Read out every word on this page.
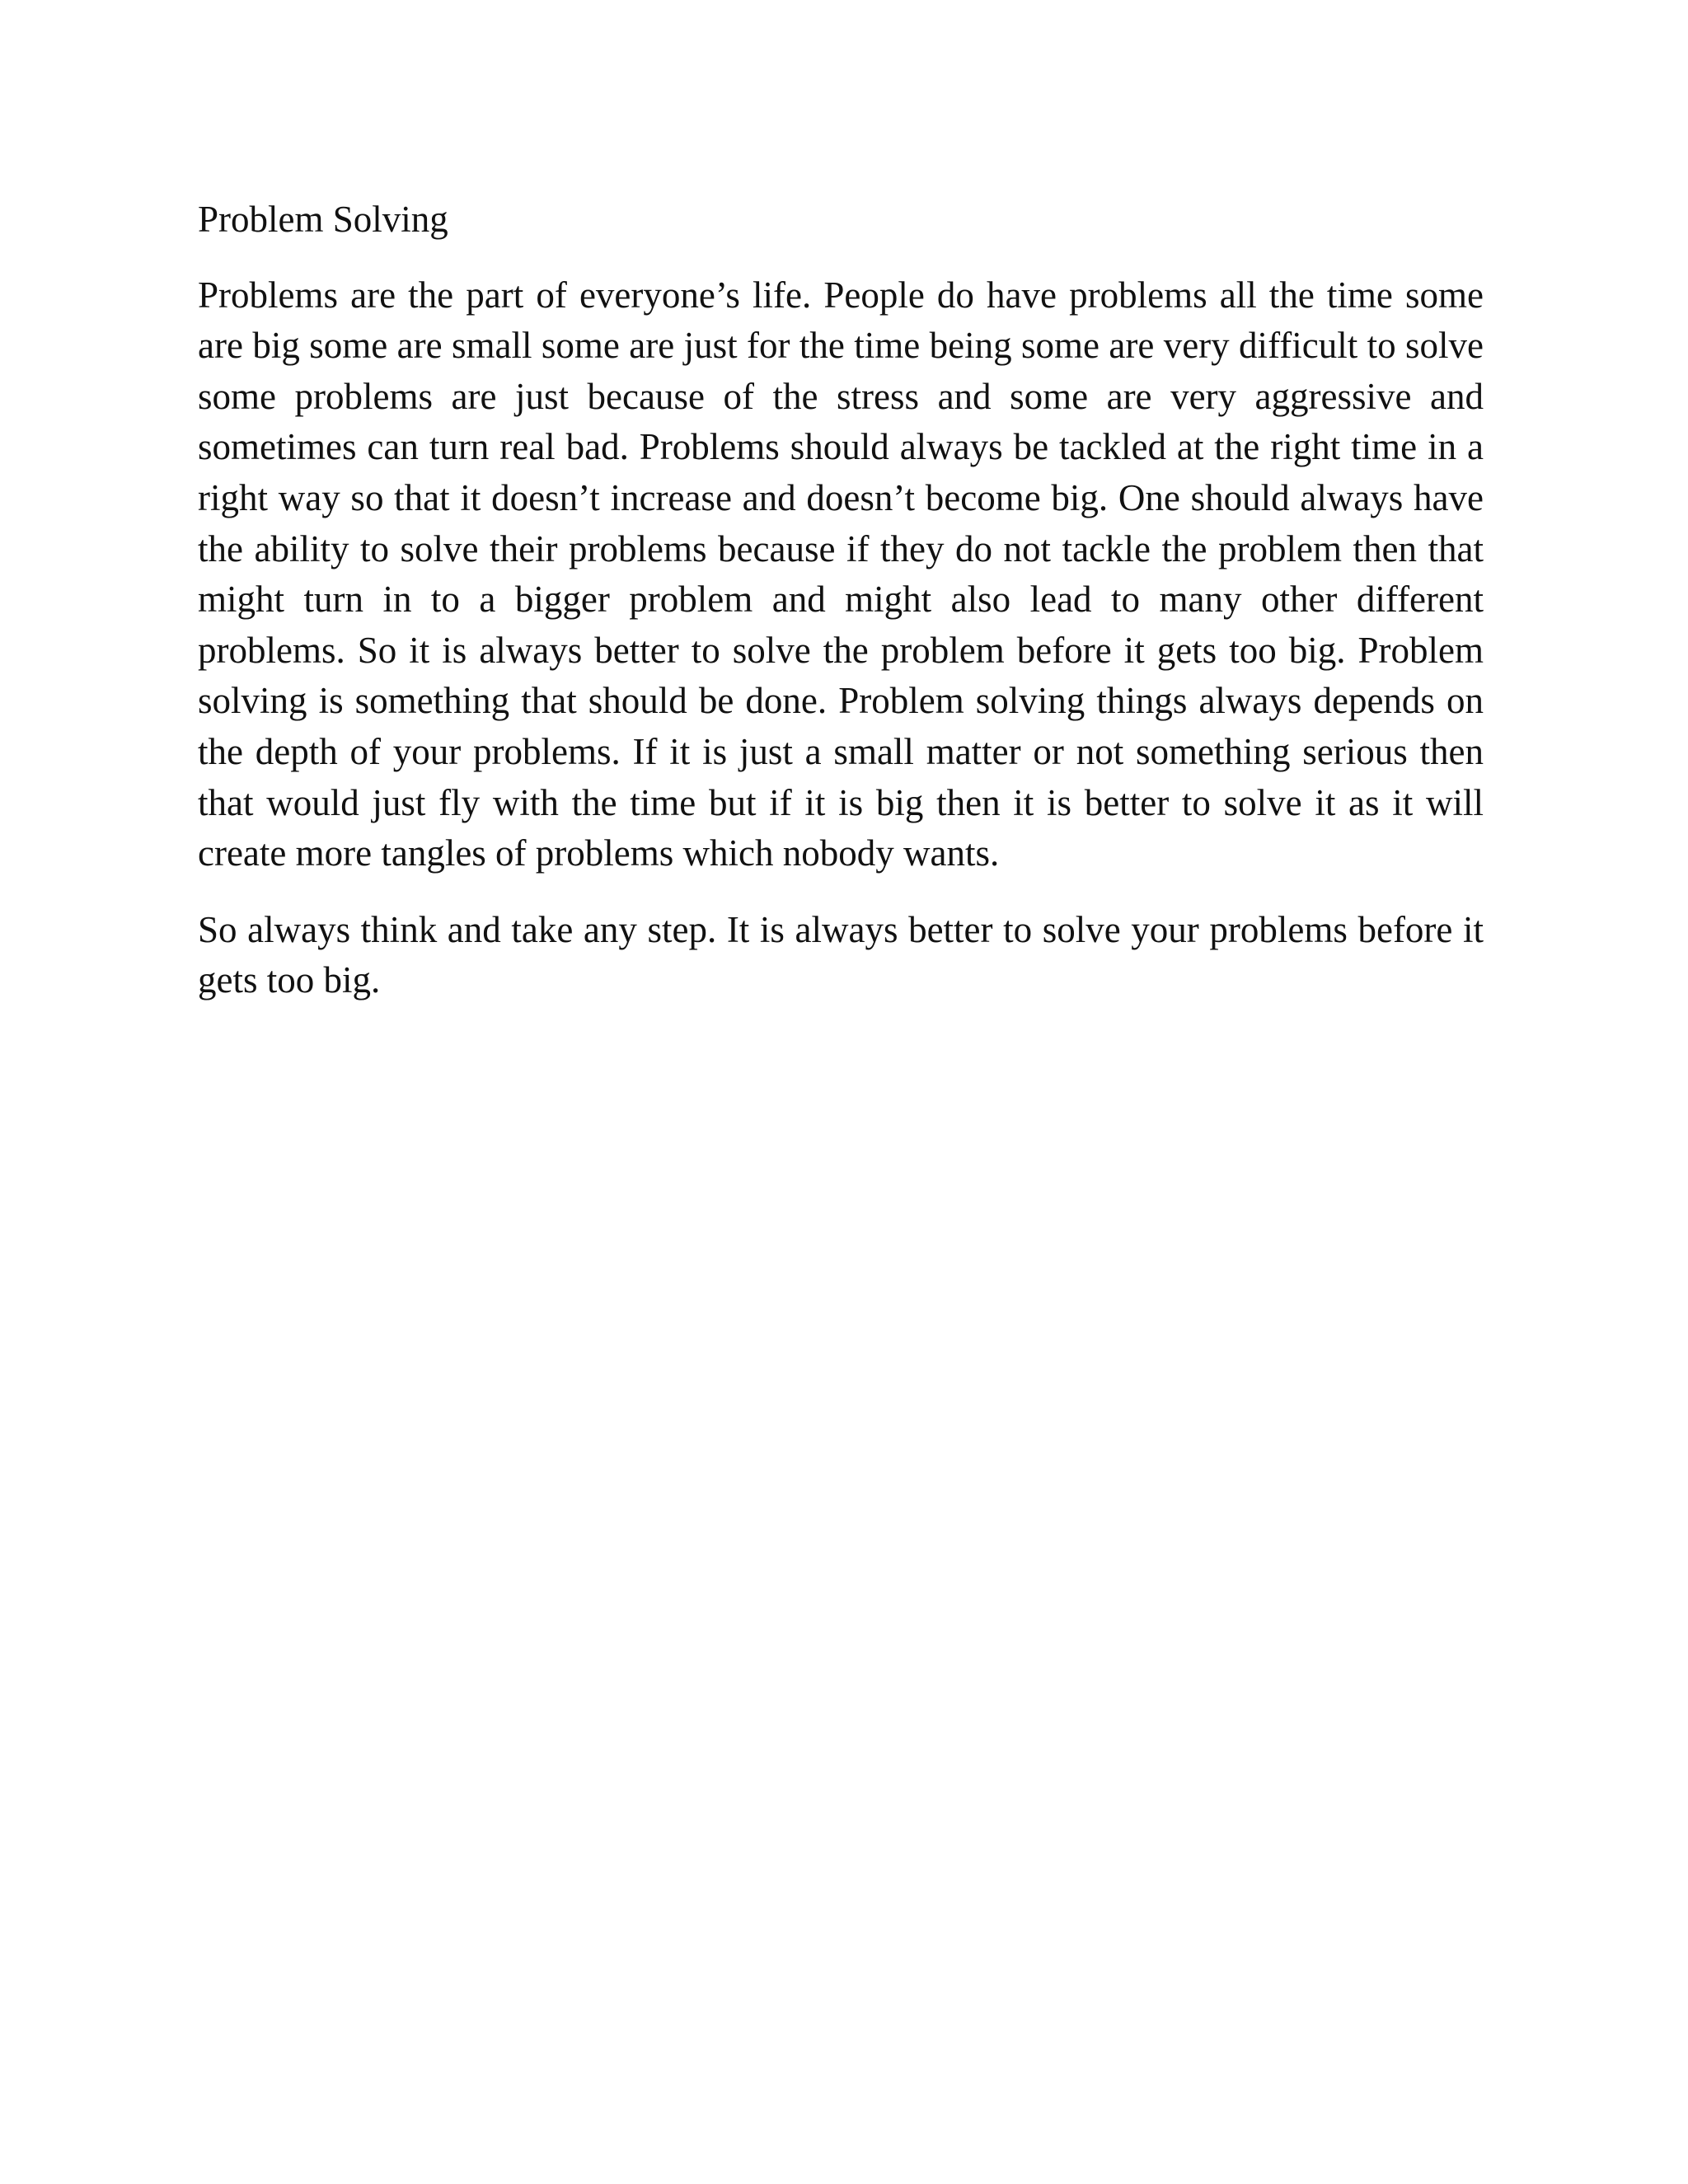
Problem Solving

Problems are the part of everyone’s life. People do have problems all the time some are big some are small some are just for the time being some are very difficult to solve some problems are just because of the stress and some are very aggressive and sometimes can turn real bad. Problems should always be tackled at the right time in a right way so that it doesn’t increase and doesn’t become big. One should always have the ability to solve their problems because if they do not tackle the problem then that might turn in to a bigger problem and might also lead to many other different problems. So it is always better to solve the problem before it gets too big. Problem solving is something that should be done. Problem solving things always depends on the depth of your problems. If it is just a small matter or not something serious then that would just fly with the time but if it is big then it is better to solve it as it will create more tangles of problems which nobody wants.

So always think and take any step. It is always better to solve your problems before it gets too big.
